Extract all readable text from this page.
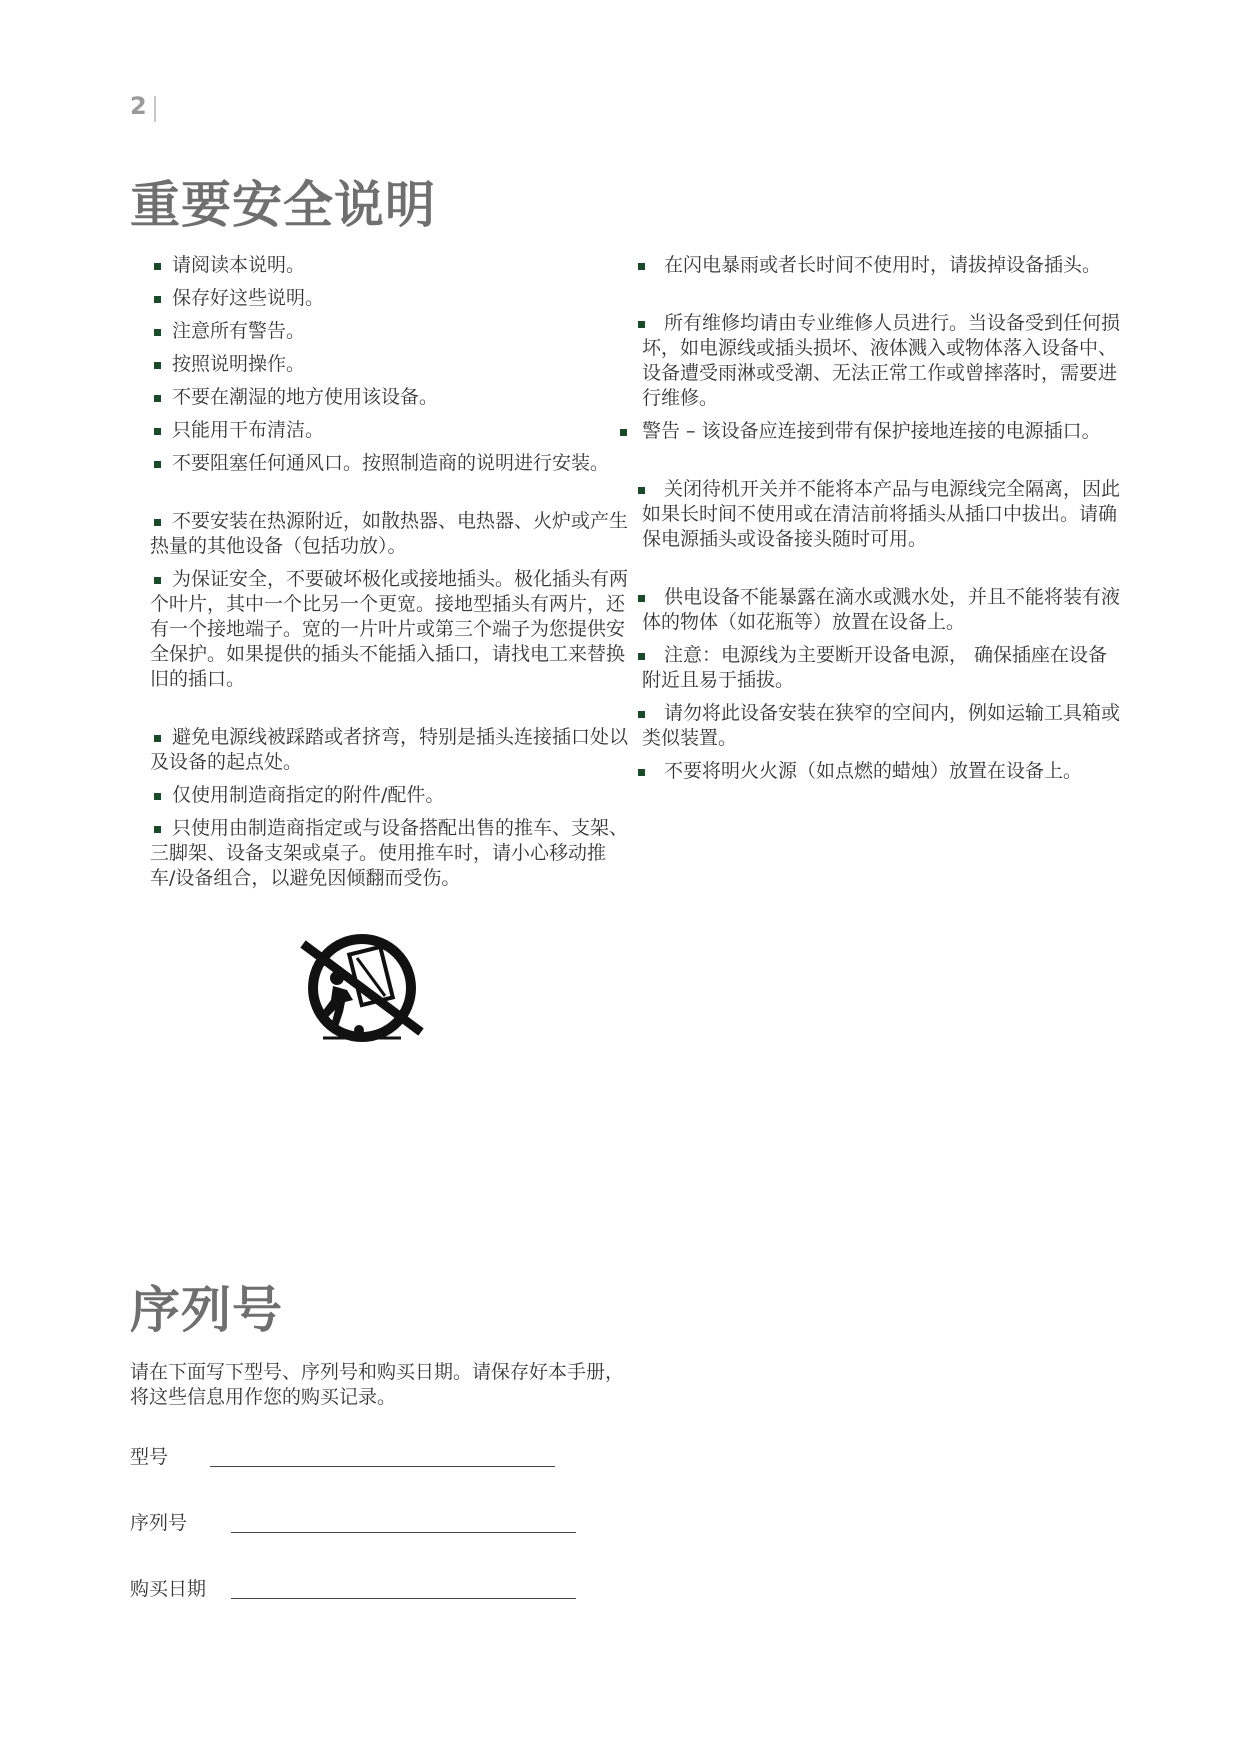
2
重要安全说明
请阅读本说明。
保存好这些说明。
注意所有警告。
按照说明操作。
不要在潮湿的地方使用该设备。
只能用干布清洁。
不要阻塞任何通风口。按照制造商的说明进行安装。
不要安装在热源附近，如散热器、电热器、火炉或产生热量的其他设备（包括功放）。
为保证安全，不要破坏极化或接地插头。极化插头有两个叶片，其中一个比另一个更宽。接地型插头有两片，还有一个接地端子。宽的一片叶片或第三个端子为您提供安全保护。如果提供的插头不能插入插口，请找电工来替换旧的插口。
避免电源线被踩踏或者挤弯，特别是插头连接插口处以及设备的起点处。
仅使用制造商指定的附件/配件。
只使用由制造商指定或与设备搭配出售的推车、支架、三脚架、设备支架或桌子。使用推车时，请小心移动推车/设备组合，以避免因倾翻而受伤。
在闪电暴雨或者长时间不使用时，请拔掉设备插头。
所有维修均请由专业维修人员进行。当设备受到任何损坏，如电源线或插头损坏、液体溅入或物体落入设备中、设备遭受雨淋或受潮、无法正常工作或曾摔落时，需要进行维修。
警告 – 该设备应连接到带有保护接地连接的电源插口。
关闭待机开关并不能将本产品与电源线完全隔离，因此如果长时间不使用或在清洁前将插头从插口中拔出。请确保电源插头或设备接头随时可用。
供电设备不能暴露在滴水或溅水处，并且不能将装有液体的物体（如花瓶等）放置在设备上。
注意：电源线为主要断开设备电源， 确保插座在设备附近且易于插拔。
请勿将此设备安装在狭窄的空间内，例如运输工具箱或类似装置。
不要将明火火源（如点燃的蜡烛）放置在设备上。
序列号

请在下面写下型号、序列号和购买日期。请保存好本手册，将这些信息用作您的购买记录。

型号
序列号
购买日期
